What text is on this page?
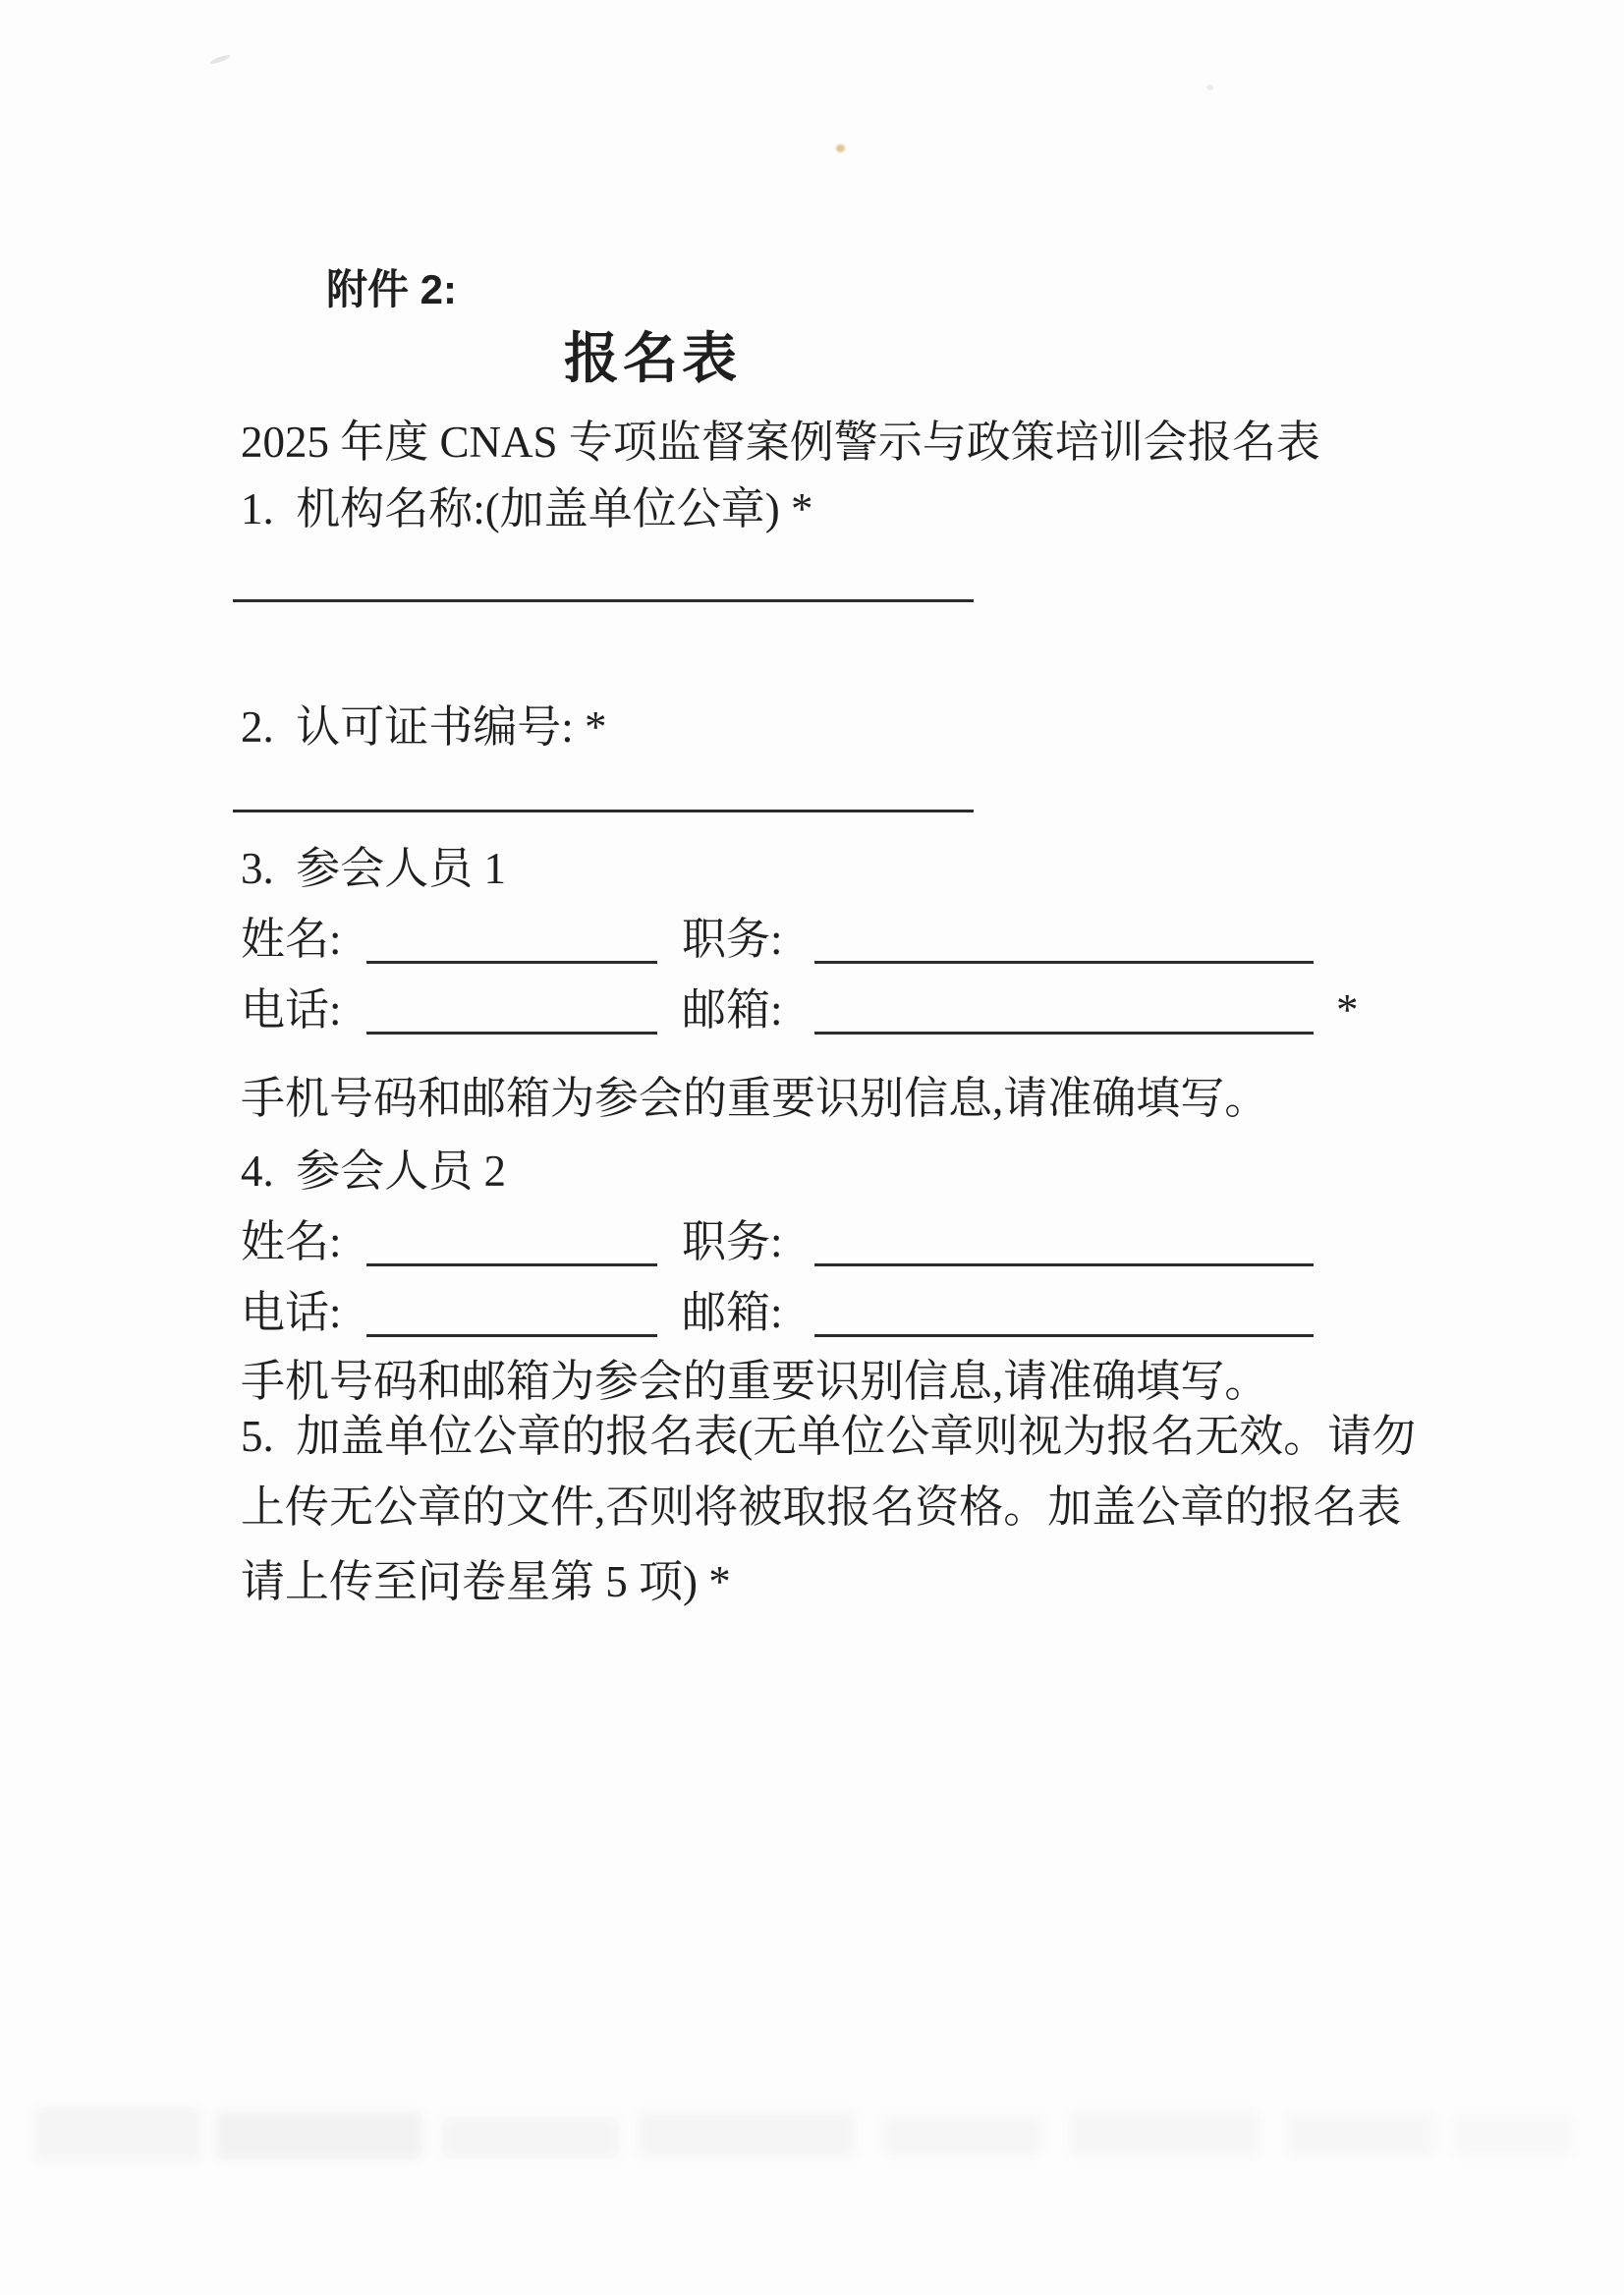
附件 2:
报名表
2025 年度 CNAS 专项监督案例警示与政策培训会报名表
1.  机构名称:(加盖单位公章) *
2.  认可证书编号: *
3.  参会人员 1
姓名:	职务:
电话:	邮箱:	*
手机号码和邮箱为参会的重要识别信息,请准确填写。
4.  参会人员 2
姓名:	职务:
电话:	邮箱:
手机号码和邮箱为参会的重要识别信息,请准确填写。
5.  加盖单位公章的报名表(无单位公章则视为报名无效。请勿
上传无公章的文件,否则将被取报名资格。加盖公章的报名表
请上传至问卷星第 5 项) *
